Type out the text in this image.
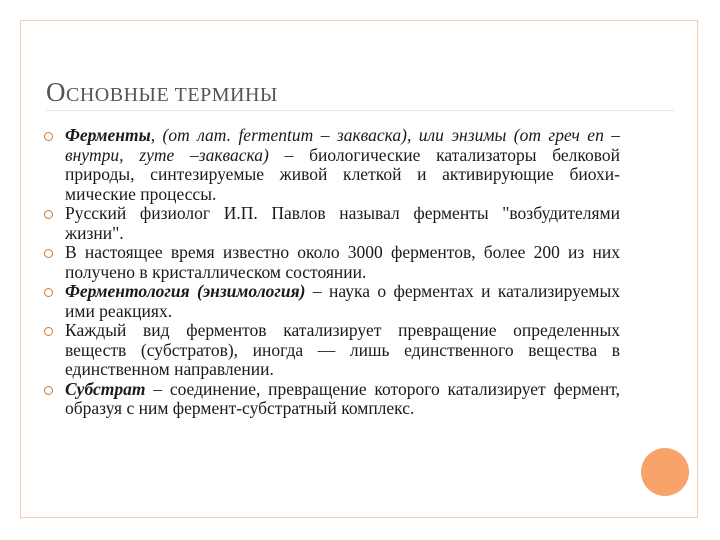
ОСНОВНЫЕ ТЕРМИНЫ
Ферменты, (от лат. fermentum – закваска), или энзимы (от греч en – внутри, zyme –закваска) – биологические катализаторы белковой природы, синтезируемые живой клеткой и активирующие биохи-мические процессы.
Русский физиолог И.П. Павлов называл ферменты "возбудителями жизни".
В настоящее время известно около 3000 ферментов, более 200 из них получено в кристаллическом состоянии.
Ферментология (энзимология) – наука о ферментах и катализируемых ими реакциях.
Каждый вид ферментов катализирует превращение определенных веществ (субстратов), иногда — лишь единственного вещества в единственном направлении.
Субстрат – соединение, превращение которого катализирует фермент, образуя с ним фермент-субстратный комплекс.
